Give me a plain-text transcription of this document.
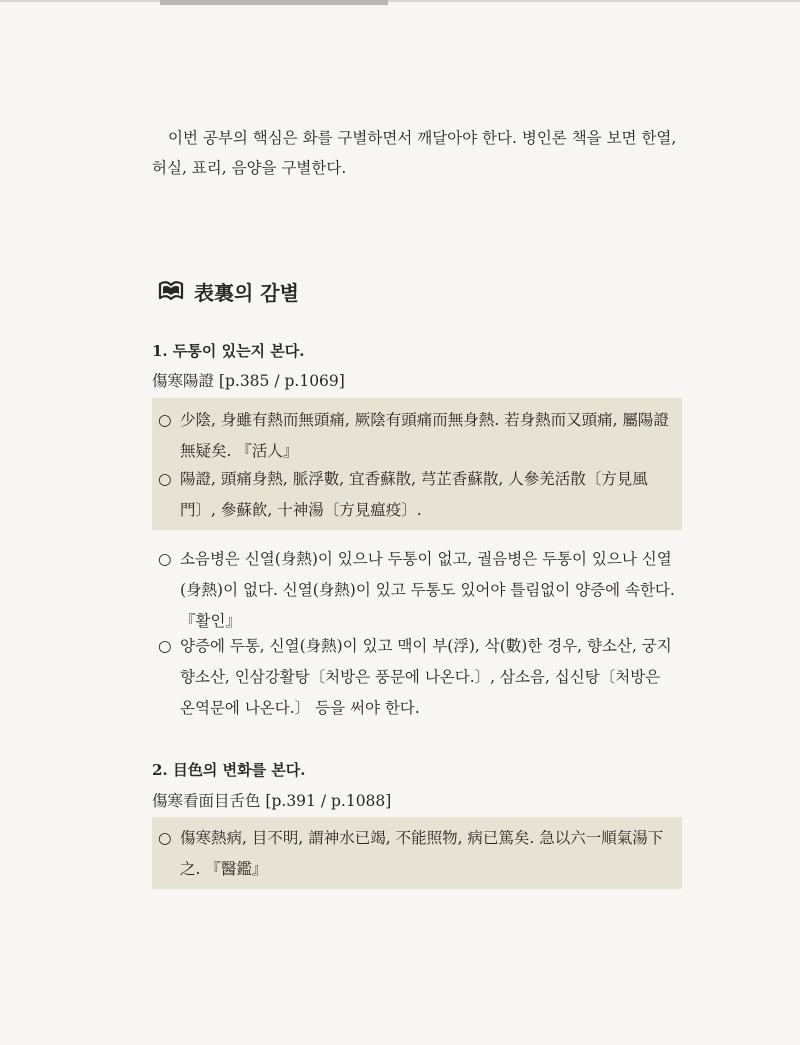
이번 공부의 핵심은 화를 구별하면서 깨달아야 한다. 병인론 책을 보면 한열, 허실, 표리, 음양을 구별한다.

表裏의 감별
1. 두통이 있는지 본다.
傷寒陽證 [p.385 / p.1069]
○ 少陰, 身雖有熱而無頭痛, 厥陰有頭痛而無身熱. 若身熱而又頭痛, 屬陽證無疑矣. 『活人』
○ 陽證, 頭痛身熱, 脈浮數, 宜香蘇散, 芎芷香蘇散, 人參羌活散〔方見風門〕, 參蘇飮, 十神湯〔方見瘟疫〕.
○ 소음병은 신열(身熱)이 있으나 두통이 없고, 궐음병은 두통이 있으나 신열(身熱)이 없다. 신열(身熱)이 있고 두통도 있어야 틀림없이 양증에 속한다. 『활인』
○ 양증에 두통, 신열(身熱)이 있고 맥이 부(浮), 삭(數)한 경우, 향소산, 궁지향소산, 인삼강활탕〔처방은 풍문에 나온다.〕, 삼소음, 십신탕〔처방은 온역문에 나온다.〕 등을 써야 한다.
2. 目色의 변화를 본다.
傷寒看面目舌色 [p.391 / p.1088]
○ 傷寒熱病, 目不明, 謂神水已竭, 不能照物, 病已篤矣. 急以六一順氣湯下之. 『醫鑑』
